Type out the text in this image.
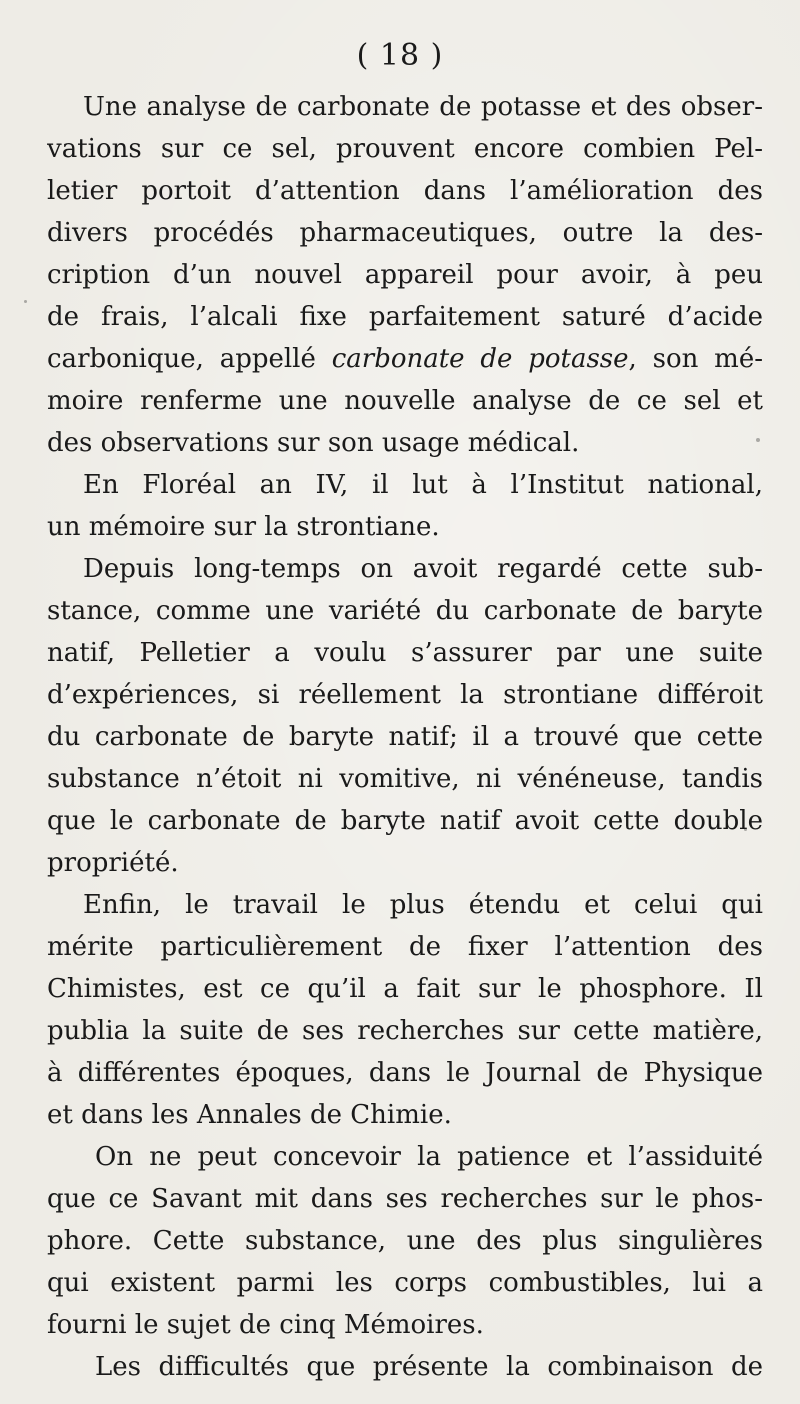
( 18 )
Une analyse de carbonate de potasse et des obser-
vations sur ce sel, prouvent encore combien Pel-
letier portoit d’attention dans l’amélioration des
divers procédés pharmaceutiques, outre la des-
cription d’un nouvel appareil pour avoir, à peu
de frais, l’alcali fixe parfaitement saturé d’acide
carbonique, appellé carbonate de potasse, son mé-
moire renferme une nouvelle analyse de ce sel et
des observations sur son usage médical.
En Floréal an IV, il lut à l’Institut national,
un mémoire sur la strontiane.
Depuis long-temps on avoit regardé cette sub-
stance, comme une variété du carbonate de baryte
natif, Pelletier a voulu s’assurer par une suite
d’expériences, si réellement la strontiane différoit
du carbonate de baryte natif; il a trouvé que cette
substance n’étoit ni vomitive, ni vénéneuse, tandis
que le carbonate de baryte natif avoit cette double
propriété.
Enfin, le travail le plus étendu et celui qui
mérite particulièrement de fixer l’attention des
Chimistes, est ce qu’il a fait sur le phosphore. Il
publia la suite de ses recherches sur cette matière,
à différentes époques, dans le Journal de Physique
et dans les Annales de Chimie.
On ne peut concevoir la patience et l’assiduité
que ce Savant mit dans ses recherches sur le phos-
phore. Cette substance, une des plus singulières
qui existent parmi les corps combustibles, lui a
fourni le sujet de cinq Mémoires.
Les difficultés que présente la combinaison de
